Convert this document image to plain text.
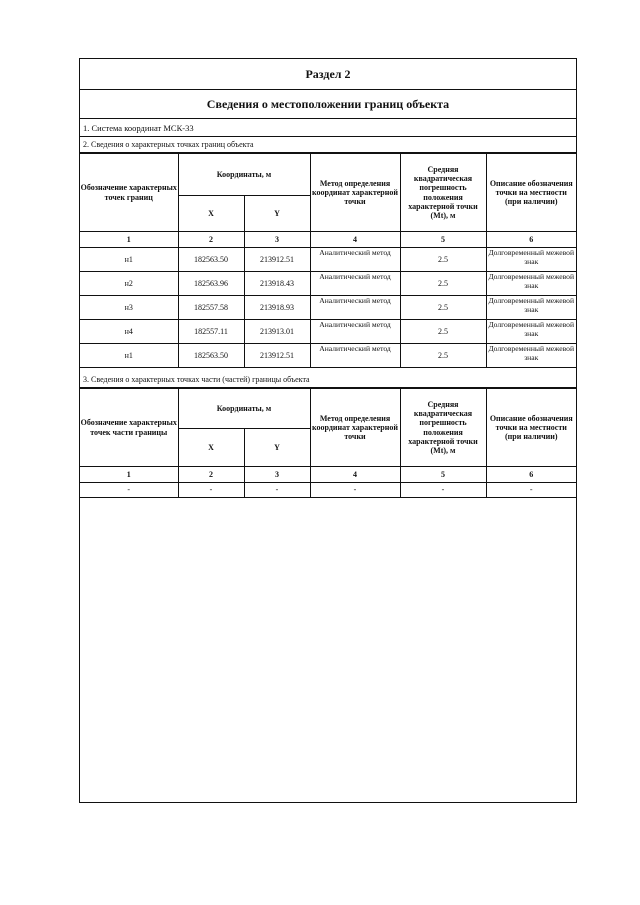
Раздел 2
Сведения о местоположении границ объекта
1. Система координат МСК-33
2. Сведения о характерных точках границ объекта
Обозначение характерных точек границ	Координаты, м		Метод определения координат характерной точки	Средняя квадратическая погрешность положения характерной точки (Mt), м	Описание обозначения точки на местности (при наличии)
	X	Y			
1	2	3	4	5	6
н1	182563.50	213912.51	Аналитический метод	2.5	Долговременный межевой знак
н2	182563.96	213918.43	Аналитический метод	2.5	Долговременный межевой знак
н3	182557.58	213918.93	Аналитический метод	2.5	Долговременный межевой знак
н4	182557.11	213913.01	Аналитический метод	2.5	Долговременный межевой знак
н1	182563.50	213912.51	Аналитический метод	2.5	Долговременный межевой знак
3. Сведения о характерных точках части (частей) границы объекта
Обозначение характерных точек части границы	Координаты, м		Метод определения координат характерной точки	Средняя квадратическая погрешность положения характерной точки (Mt), м	Описание обозначения точки на местности (при наличии)
	X	Y			
1	2	3	4	5	6
-	-	-	-	-	-
